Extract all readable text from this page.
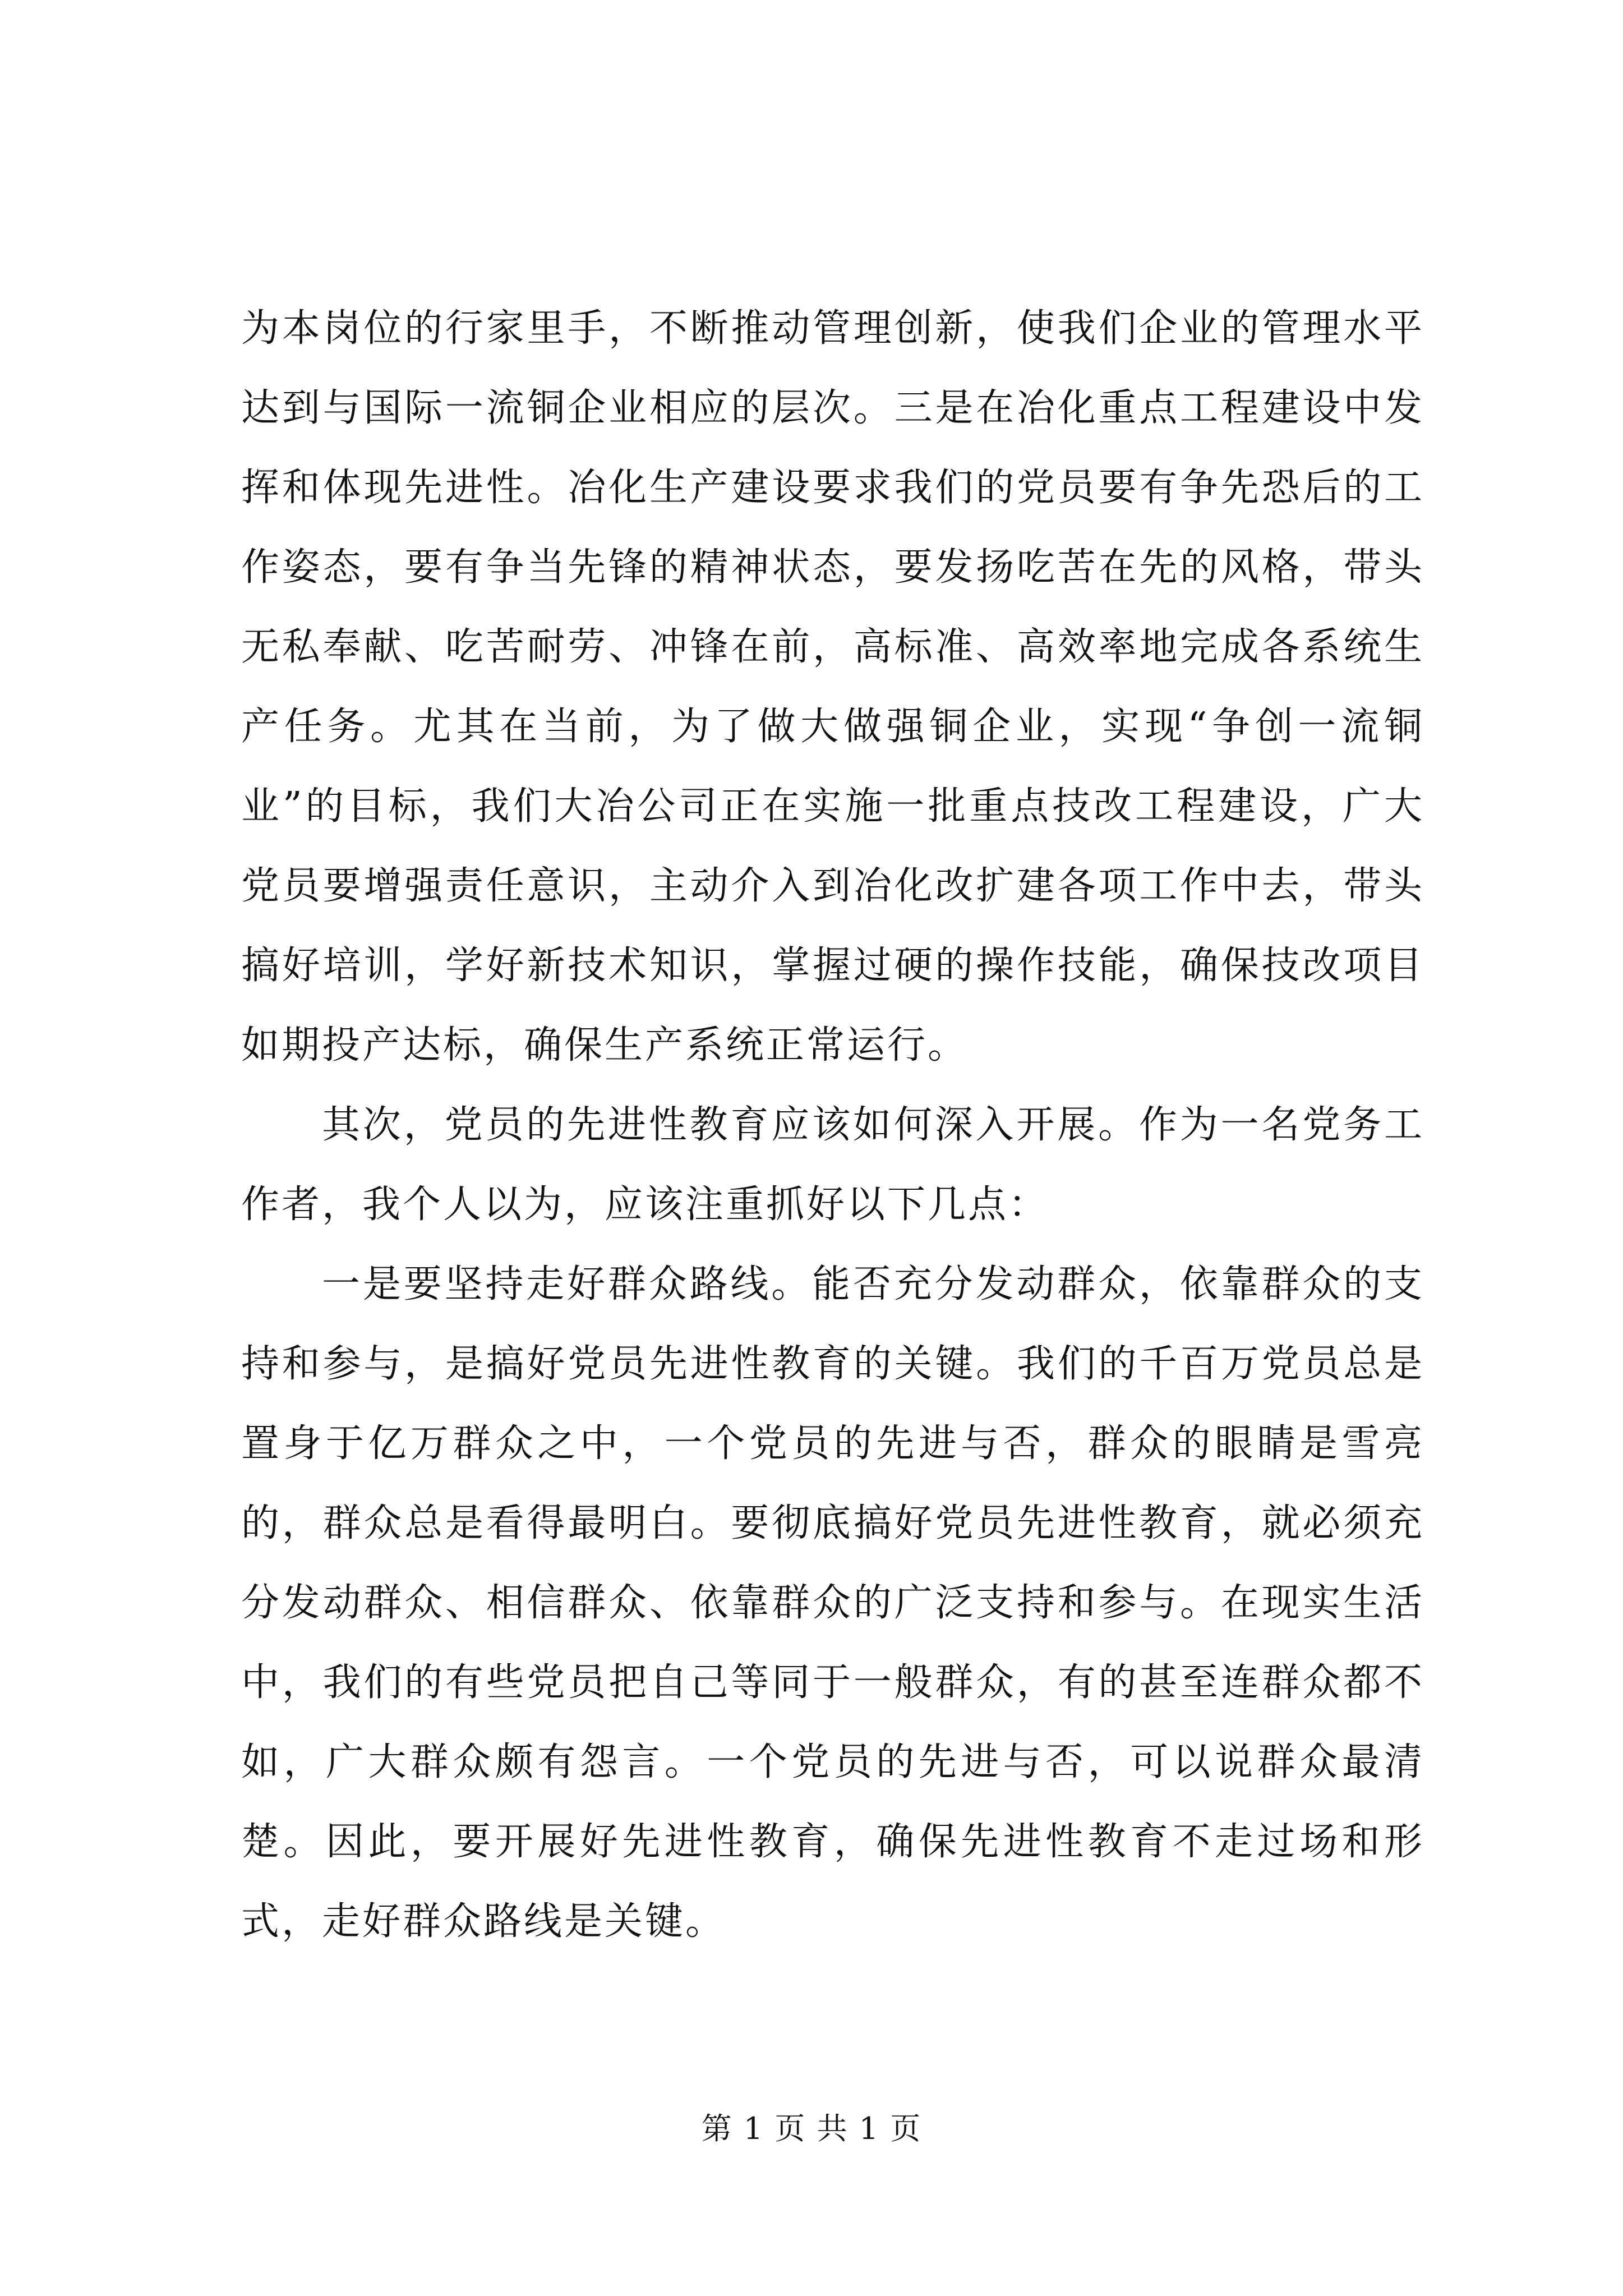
为本岗位的行家里手，不断推动管理创新，使我们企业的管理水平达到与国际一流铜企业相应的层次。三是在冶化重点工程建设中发挥和体现先进性。冶化生产建设要求我们的党员要有争先恐后的工作姿态，要有争当先锋的精神状态，要发扬吃苦在先的风格，带头无私奉献、吃苦耐劳、冲锋在前，高标准、高效率地完成各系统生产任务。尤其在当前，为了做大做强铜企业，实现“争创一流铜业”的目标，我们大冶公司正在实施一批重点技改工程建设，广大党员要增强责任意识，主动介入到冶化改扩建各项工作中去，带头搞好培训，学好新技术知识，掌握过硬的操作技能，确保技改项目如期投产达标，确保生产系统正常运行。

其次，党员的先进性教育应该如何深入开展。作为一名党务工作者，我个人以为，应该注重抓好以下几点：

一是要坚持走好群众路线。能否充分发动群众，依靠群众的支持和参与，是搞好党员先进性教育的关键。我们的千百万党员总是置身于亿万群众之中，一个党员的先进与否，群众的眼睛是雪亮的，群众总是看得最明白。要彻底搞好党员先进性教育，就必须充分发动群众、相信群众、依靠群众的广泛支持和参与。在现实生活中，我们的有些党员把自己等同于一般群众，有的甚至连群众都不如，广大群众颇有怨言。一个党员的先进与否，可以说群众最清楚。因此，要开展好先进性教育，确保先进性教育不走过场和形式，走好群众路线是关键。

第 1 页 共 1 页
